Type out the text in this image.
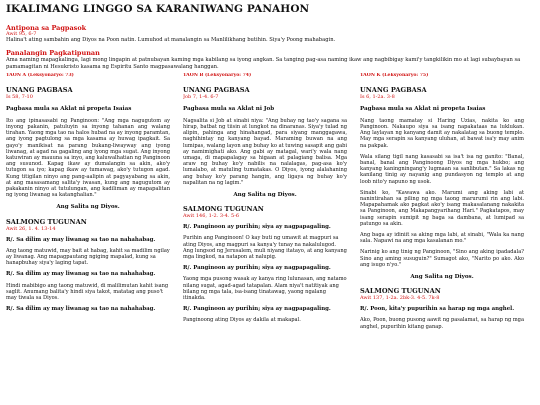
IKALIMANG LINGGO SA KARANIWANG PANAHON
Antipona sa Pagpasok
Awit 95, 6-7
Halina't ating sambahin ang Diyos na Poon natin. Lumuhod at manalangin sa Manlilikhang butihin. Siya'y Poong mahabagin.
Panalangin Pagkatipunan
Ama naming mapagkalinga, lagi mong lingapin at patnubayan kaming mga kabilang sa iyong angkan. Sa tanging pag-asa naming ikaw ang nagbibigay kami'y tangkilikin mo at lagi subaybayan sa pamamagitan ni Hesukristo kasama ng Espiritu Santo magpasawalang hanggan.
TAON A (Leksyonaryo: 73)
UNANG PAGBASA
Is 58, 7-10
Pagbasa mula sa Aklat ni propeta Isaias
Ito ang ipinasasabi ng Panginoon: "Ang mga nagugutom ay inyong pakanin, patuluyin sa inyong tahanan ang walang tirahan. Yaong mga tao na halos hubad na ay inyong paramtan, ang iyong pagtulong sa mga kasama ay huwag ipagkait. Sa gayo'y manikisat na parang bukang-liwayway ang iyong liwanag, at agad na gagaling ang iyong mga sugat. Ang inyong katuwiran ay mauuna sa inyo, ang kaluwalhatian ng Panginoon ang susunod. Kapag ikaw ay dumalangin sa akin, ako'y tutugon sa iyo; kapag ikaw ay tumawag, ako'y tutugon agad. Kung titigilan ninyo ang pang-aalipin at pagyayabang sa akin, at ang masasamang salita'y iwasan, kung ang nagugutom ay pakakanin ninyo at tutulungan, ang kadiliman ay mapapalitan ng iyong liwanag sa katanghalian."
Ang Salita ng Diyos.
SALMONG TUGUNAN
Awit 26, 1. 4. 13-14
R/. Sa dilim ay may liwanag sa tao na nahahabag.
Ang taong matuwid, may bait at habag, kahit sa madilim ngilay ay liwanag. Ang mapagpautang ngiging mapalad, kung sa hanapbuhay siya'y laging tapat.
R/. Sa dilim ay may liwanag sa tao na nahahabag.
Hindi mabibigo ang taong matuwid, di malilimutan kahit isang saglit. Anumang balita'y hindi siya takot, matatag ang puso't may tiwala sa Diyos.
R/. Sa dilim ay may liwanag sa tao na nahahabag.
TAON B (Leksyonaryo: 74)
UNANG PAGBASA
Job 7, 1-4. 6-7
Pagbasa mula sa Aklat ni Job
Nagsalita si Job at sinabi niya: "Ang buhay ng tao'y sagana sa hirap, batbat ng tiisin at lungkot na dinaranas. Siya'y tulad ng alipin, pahinga ang hinahangad, para siyang manggagawa, naghihintay ng kanyang bayad. Maraming buwan na ang lumipas, walang layon ang buhay ko at tuwing sasapit ang gabi ay namimighati ako. Ang gabi ay matagal, wari'y wala nang umaga, di mapapalagay sa higaan at palagiang balisa. Mga araw ng buhay ko'y nabilis na nalalagas, pag-asa ko'y lumalabo, at matuling tumatakas. O Diyos, iyong alalahaning ang buhay ko'y parang hangin, ang ligaya ng buhay ko'y napalitan na ng lagim."
Ang Salita ng Diyos.
SALMONG TUGUNAN
Awit 146, 1-2. 3-4. 5-6
R/. Panginoon ay purihin; siya ay nagpapagaling.
Purihin ang Panginoon! O kay buti ng umawit at magpuri sa ating Diyos, ang magpuri sa kanya'y tunay na nakalulugod. Ang lungsod ng Jerusalem, muli niyang itatayo, at ang kanyang mga lingkod, na natapon at nalupig.
R/. Panginoon ay purihin; siya ay nagpapagaling.
Yaong mga pusong wasak ay kanya ring lulunasan, ang natamo nilang sugat, agad-agad tatapalan. Alam niya't natitiyak ang bilang ng mga tala, isa-isang tinatawag, yaong ngalang itinakda.
R/. Panginoon ay purihin; siya ay nagpapagaling.
Panginoong ating Diyos ay dakila at makapal.
TAON K (Leksyonaryo: 75)
UNANG PAGBASA
Is 6, 1-2a. 3-8
Pagbasa mula sa Aklat ni propeta Isaias
Nang taong mamatay si Haring Uzias, nakita ko ang Panginoon. Nakaupo siya sa isang napakataas na luklukan. Ang laylayan ng kanyang damit ay nakalatag sa buong templo. May mga serapin sa kanyang uluhan, at bawat isa'y may anim na pakpak.
Wala silang tigil nang kasasabi sa isa't isa ng ganito: "Banal, banal, banal ang Panginoong Diyos ng mga hukbo; ang kanyang kaningningang'y lugmaan sa sanlibutan." Sa lakas ng kanilang tinig ay nayanig ang pundasyon ng templo at ang loob nito'y napuno ng usok.
Sinabi ko, "Kawawa ako. Marumi ang aking labi at nanintirahan sa piling ng mga taong marurumi rin ang labi. Mapapahamak ako pagkat ako'y isang makasalanang nakakita sa Panginoon, ang Makapangyarihang Hari." Pagkatapos, may isang serapin sumipit ng baga sa dambana, at lumipad sa patungo sa akin.
Ang baga ay idiniit sa aking mga labi, at sinabi, "Wala ka nang sala. Napawi na ang mga kasalanan mo."
Narinig ko ang tinig ng Panginoon, "Sino ang aking ipadadala? Sino ang aming susuguin?" Sumagot ako, "Narito po ako. Ako ang isugo n'yo."
Ang Salita ng Diyos.
SALMONG TUGUNAN
Awit 137, 1-2a. 2bk-3. 4-5. 7k-8
R/. Poon, kita'y pupurihin sa harap ng mga anghel.
Ako, Poon, buong pusong aawit ng pasalamat, sa harap ng mga anghel, pupurihin kitang ganap.
